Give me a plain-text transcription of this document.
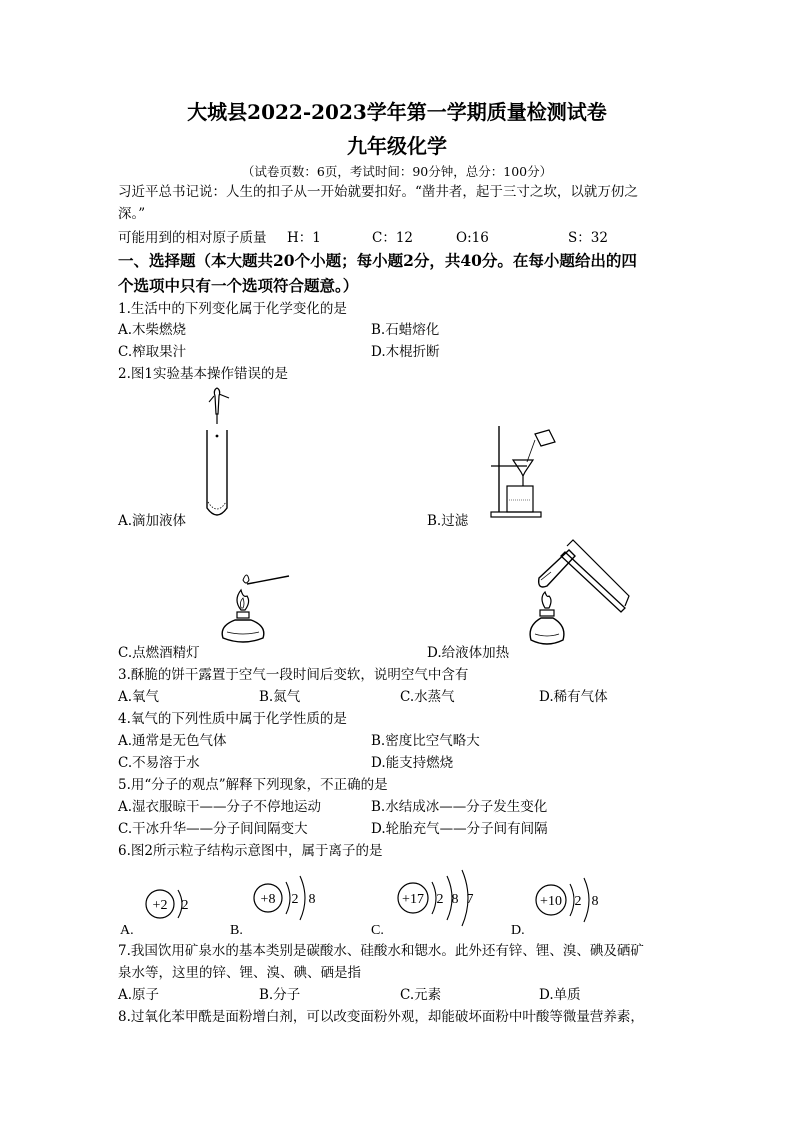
大城县2022-2023学年第一学期质量检测试卷
九年级化学
（试卷页数：6页，考试时间：90分钟，总分：100分）
习近平总书记说：人生的扣子从一开始就要扣好。“凿井者，起于三寸之坎，以就万仞之
深。”
可能用到的相对原子质量 H：1	C：12	O:16	S：32
一、选择题（本大题共20个小题；每小题2分，共40分。在每小题给出的四
个选项中只有一个选项符合题意。）
1.生活中的下列变化属于化学变化的是
A.木柴燃烧	B.石蜡熔化
C.榨取果汁	D.木棍折断
2.图1实验基本操作错误的是
A.滴加液体	B.过滤
C.点燃酒精灯	D.给液体加热
3.酥脆的饼干露置于空气一段时间后变软，说明空气中含有
A.氧气	B.氮气	C.水蒸气	D.稀有气体
4.氧气的下列性质中属于化学性质的是
A.通常是无色气体	B.密度比空气略大
C.不易溶于水	D.能支持燃烧
5.用“分子的观点”解释下列现象，不正确的是
A.湿衣服晾干——分子不停地运动	B.水结成冰——分子发生变化
C.干冰升华——分子间间隔变大	D.轮胎充气——分子间有间隔
6.图2所示粒子结构示意图中，属于离子的是
A.
+2 2
B.
+8 2 8
C.
+17 2 8 7
D.
+10 2 8
7.我国饮用矿泉水的基本类别是碳酸水、硅酸水和锶水。此外还有锌、锂、溴、碘及硒矿
泉水等，这里的锌、锂、溴、碘、硒是指
A.原子	B.分子	C.元素	D.单质
8.过氧化苯甲酰是面粉增白剂，可以改变面粉外观，却能破坏面粉中叶酸等微量营养素，
